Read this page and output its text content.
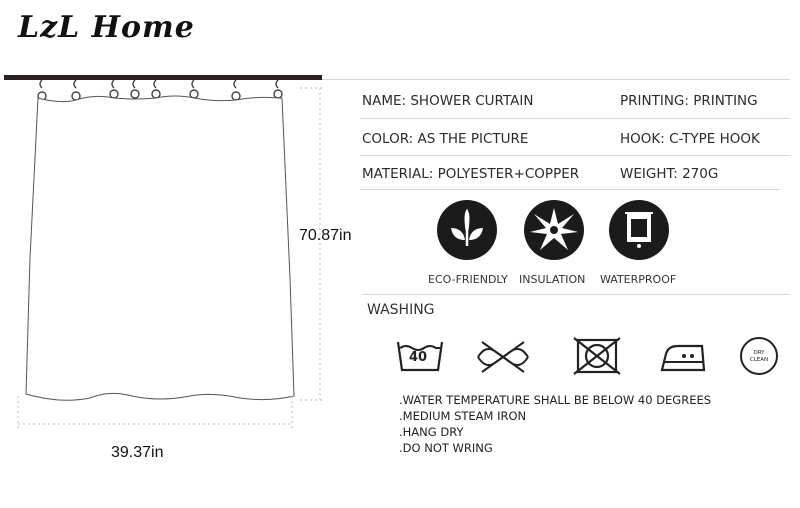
LzL Home
70.87in
39.37in
NAME: SHOWER CURTAIN	PRINTING: PRINTING
COLOR: AS THE PICTURE	HOOK: C-TYPE HOOK
MATERIAL: POLYESTER+COPPER	WEIGHT: 270G
ECO-FRIENDLY INSULATION WATERPROOF
WASHING
40	DRY
CLEAN
.WATER TEMPERATURE SHALL BE BELOW 40 DEGREES
.MEDIUM STEAM IRON
.HANG DRY
.DO NOT WRING
